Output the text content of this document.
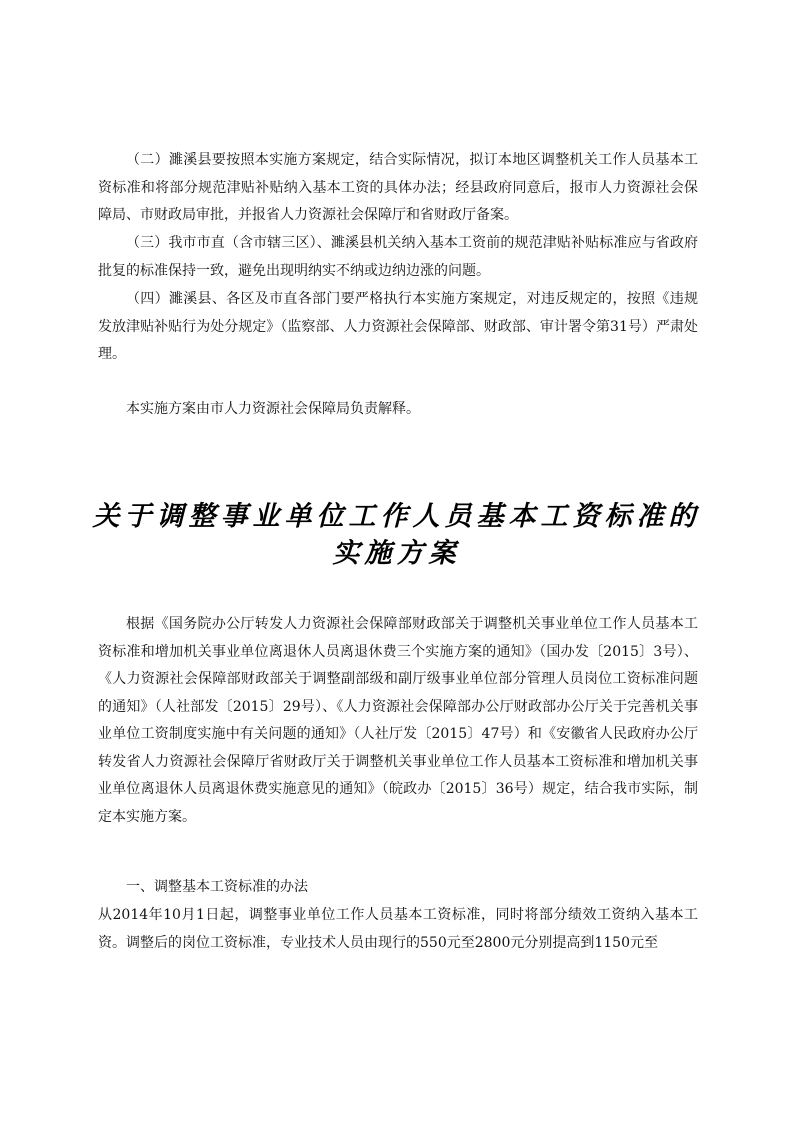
（二）濉溪县要按照本实施方案规定，结合实际情况，拟订本地区调整机关工作人员基本工资标准和将部分规范津贴补贴纳入基本工资的具体办法；经县政府同意后，报市人力资源社会保障局、市财政局审批，并报省人力资源社会保障厅和省财政厅备案。

（三）我市市直（含市辖三区）、濉溪县机关纳入基本工资前的规范津贴补贴标准应与省政府批复的标准保持一致，避免出现明纳实不纳或边纳边涨的问题。

（四）濉溪县、各区及市直各部门要严格执行本实施方案规定，对违反规定的，按照《违规发放津贴补贴行为处分规定》（监察部、人力资源社会保障部、财政部、审计署令第31号）严肃处理。

本实施方案由市人力资源社会保障局负责解释。

关于调整事业单位工作人员基本工资标准的
实施方案

根据《国务院办公厅转发人力资源社会保障部财政部关于调整机关事业单位工作人员基本工资标准和增加机关事业单位离退休人员离退休费三个实施方案的通知》（国办发〔2015〕3号）、《人力资源社会保障部财政部关于调整副部级和副厅级事业单位部分管理人员岗位工资标准问题的通知》（人社部发〔2015〕29号）、《人力资源社会保障部办公厅财政部办公厅关于完善机关事业单位工资制度实施中有关问题的通知》（人社厅发〔2015〕47号）和《安徽省人民政府办公厅转发省人力资源社会保障厅省财政厅关于调整机关事业单位工作人员基本工资标准和增加机关事业单位离退休人员离退休费实施意见的通知》（皖政办〔2015〕36号）规定，结合我市实际，制定本实施方案。

一、调整基本工资标准的办法

从2014年10月1日起，调整事业单位工作人员基本工资标准，同时将部分绩效工资纳入基本工资。调整后的岗位工资标准，专业技术人员由现行的550元至2800元分别提高到1150元至
